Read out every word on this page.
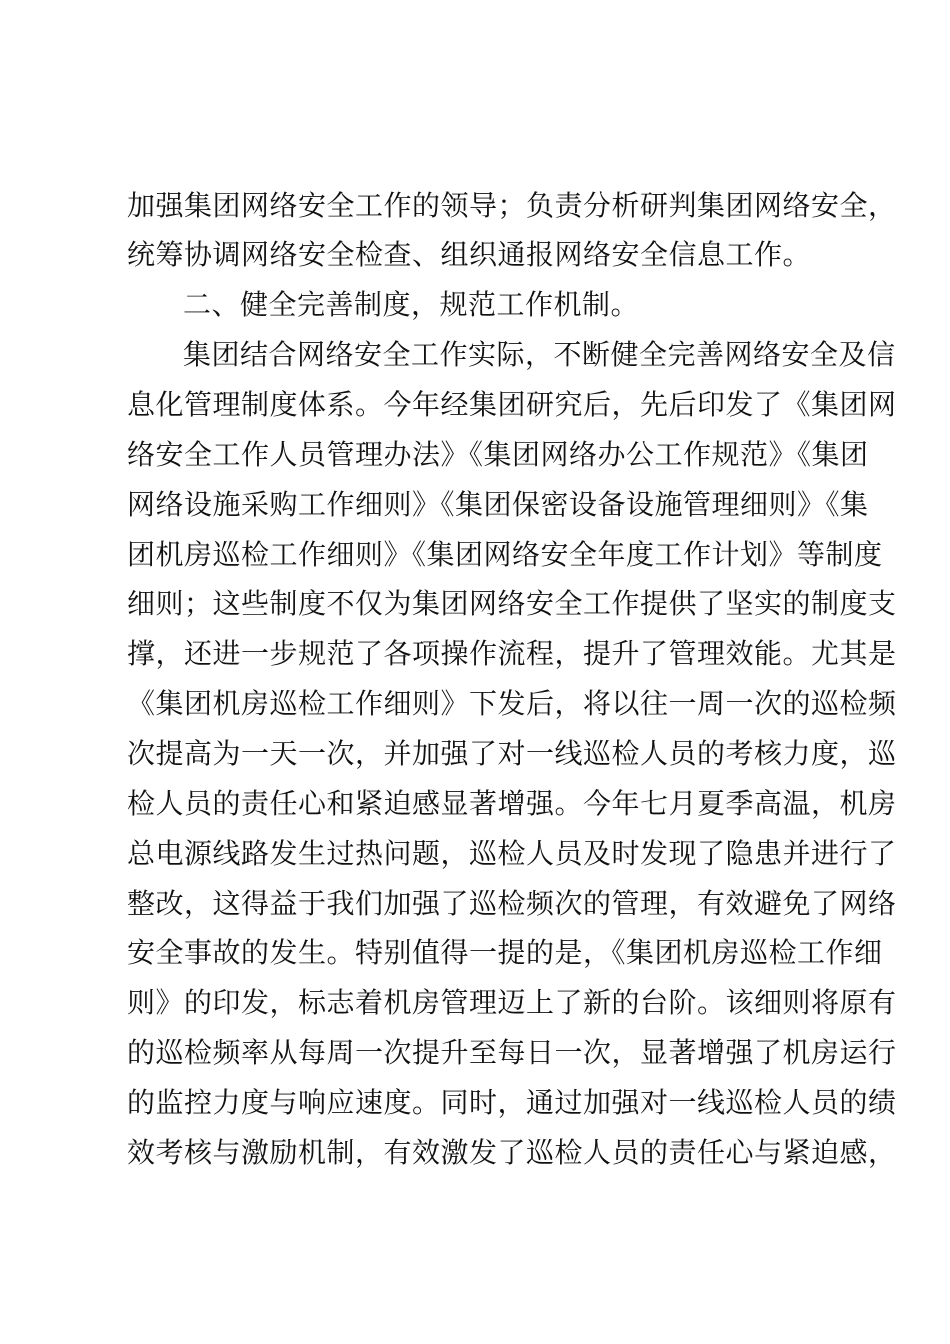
加强集团网络安全工作的领导；负责分析研判集团网络安全，
统筹协调网络安全检查、组织通报网络安全信息工作。
二、健全完善制度，规范工作机制。
集团结合网络安全工作实际，不断健全完善网络安全及信
息化管理制度体系。今年经集团研究后，先后印发了《集团网
络安全工作人员管理办法》《集团网络办公工作规范》《集团
网络设施采购工作细则》《集团保密设备设施管理细则》《集
团机房巡检工作细则》《集团网络安全年度工作计划》等制度
细则；这些制度不仅为集团网络安全工作提供了坚实的制度支
撑，还进一步规范了各项操作流程，提升了管理效能。尤其是
《集团机房巡检工作细则》下发后，将以往一周一次的巡检频
次提高为一天一次，并加强了对一线巡检人员的考核力度，巡
检人员的责任心和紧迫感显著增强。今年七月夏季高温，机房
总电源线路发生过热问题，巡检人员及时发现了隐患并进行了
整改，这得益于我们加强了巡检频次的管理，有效避免了网络
安全事故的发生。特别值得一提的是，《集团机房巡检工作细
则》的印发，标志着机房管理迈上了新的台阶。该细则将原有
的巡检频率从每周一次提升至每日一次，显著增强了机房运行
的监控力度与响应速度。同时，通过加强对一线巡检人员的绩
效考核与激励机制，有效激发了巡检人员的责任心与紧迫感，
